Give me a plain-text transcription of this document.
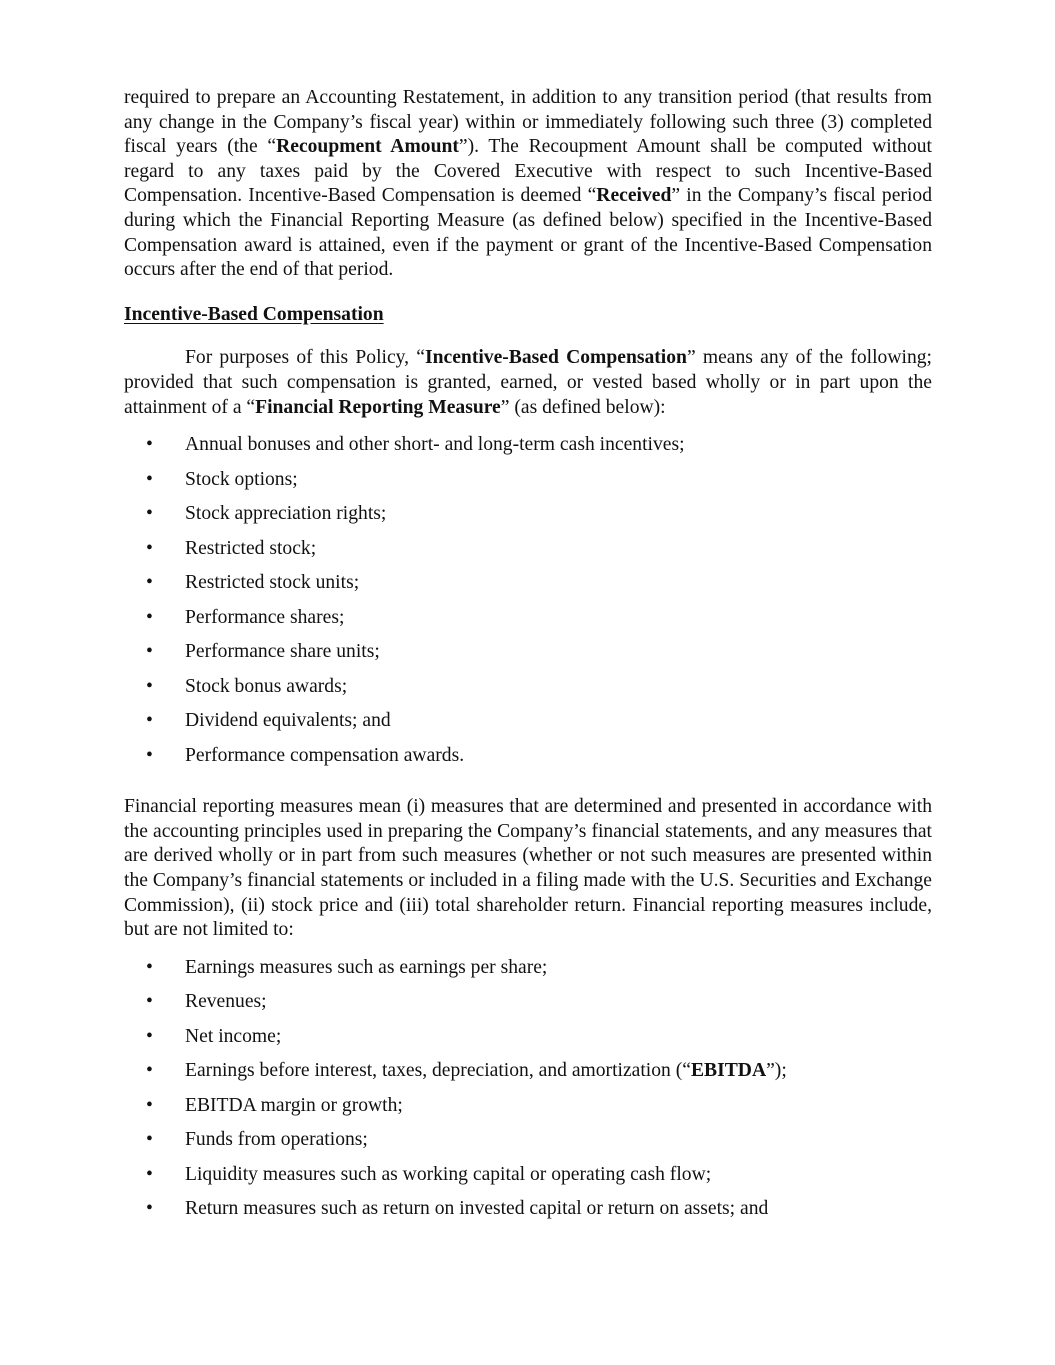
required to prepare an Accounting Restatement, in addition to any transition period (that results from any change in the Company’s fiscal year) within or immediately following such three (3) completed fiscal years (the “Recoupment Amount”). The Recoupment Amount shall be computed without regard to any taxes paid by the Covered Executive with respect to such Incentive-Based Compensation. Incentive-Based Compensation is deemed “Received” in the Company’s fiscal period during which the Financial Reporting Measure (as defined below) specified in the Incentive-Based Compensation award is attained, even if the payment or grant of the Incentive-Based Compensation occurs after the end of that period.

Incentive-Based Compensation

For purposes of this Policy, “Incentive-Based Compensation” means any of the following; provided that such compensation is granted, earned, or vested based wholly or in part upon the attainment of a “Financial Reporting Measure” (as defined below):

• Annual bonuses and other short- and long-term cash incentives;
• Stock options;
• Stock appreciation rights;
• Restricted stock;
• Restricted stock units;
• Performance shares;
• Performance share units;
• Stock bonus awards;
• Dividend equivalents; and
• Performance compensation awards.

Financial reporting measures mean (i) measures that are determined and presented in accordance with the accounting principles used in preparing the Company’s financial statements, and any measures that are derived wholly or in part from such measures (whether or not such measures are presented within the Company’s financial statements or included in a filing made with the U.S. Securities and Exchange Commission), (ii) stock price and (iii) total shareholder return. Financial reporting measures include, but are not limited to:

• Earnings measures such as earnings per share;
• Revenues;
• Net income;
• Earnings before interest, taxes, depreciation, and amortization (“EBITDA”);
• EBITDA margin or growth;
• Funds from operations;
• Liquidity measures such as working capital or operating cash flow;
• Return measures such as return on invested capital or return on assets; and
